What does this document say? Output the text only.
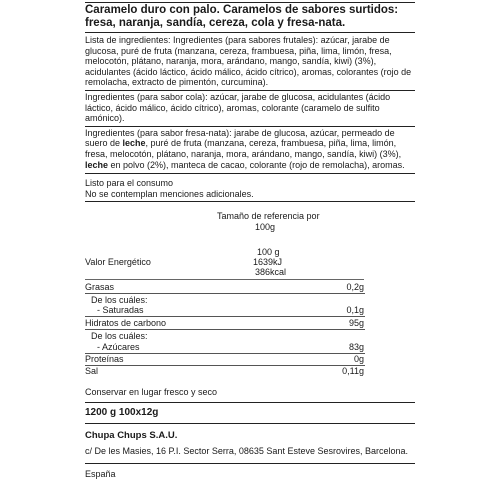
Caramelo duro con palo. Caramelos de sabores surtidos: fresa, naranja, sandía, cereza, cola y fresa-nata.

Lista de ingredientes: Ingredientes (para sabores frutales): azúcar, jarabe de glucosa, puré de fruta (manzana, cereza, frambuesa, piña, lima, limón, fresa, melocotón, plátano, naranja, mora, arándano, mango, sandía, kiwi) (3%), acidulantes (ácido láctico, ácido málico, ácido cítrico), aromas, colorantes (rojo de remolacha, extracto de pimentón, curcumina).

Ingredientes (para sabor cola): azúcar, jarabe de glucosa, acidulantes (ácido láctico, ácido málico, ácido cítrico), aromas, colorante (caramelo de sulfito amónico).

Ingredientes (para sabor fresa-nata): jarabe de glucosa, azúcar, permeado de suero de leche, puré de fruta (manzana, cereza, frambuesa, piña, lima, limón, fresa, melocotón, plátano, naranja, mora, arándano, mango, sandía, kiwi) (3%), leche en polvo (2%), manteca de cacao, colorante (rojo de remolacha), aromas.

Listo para el consumo
No se contemplan menciones adicionales.
Tamaño de referencia por
100g
100 g
Valor Energético	1639kJ
386kcal
Grasas	0,2g
De los cuáles:
- Saturadas	0,1g
Hidratos de carbono	95g
De los cuáles:
- Azúcares	83g
Proteínas	0g
Sal	0,11g
Conservar en lugar fresco y seco
1200 g 100x12g
Chupa Chups S.A.U.
c/ De les Masies, 16 P.I. Sector Serra, 08635 Sant Esteve Sesrovires, Barcelona.
España
